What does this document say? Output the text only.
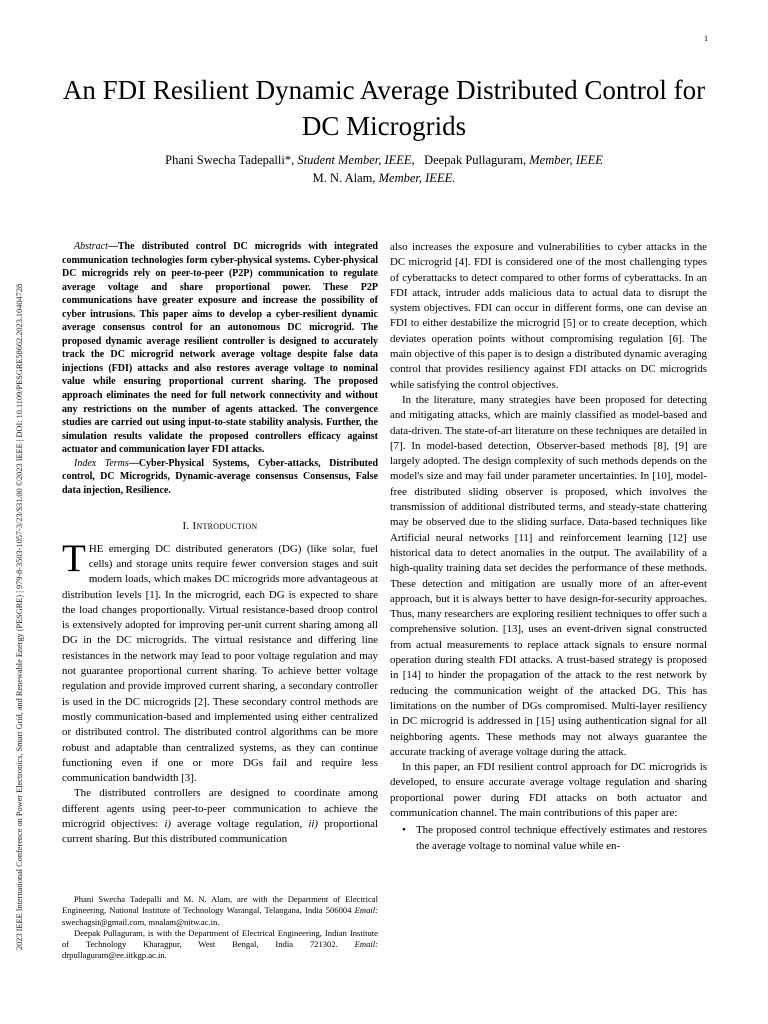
1
2023 IEEE International Conference on Power Electronics, Smart Grid, and Renewable Energy (PESGRE) | 979-8-3503-1057-3/23/$31.00 ©2023 IEEE | DOI: 10.1109/PESGRE58662.2023.10404728
An FDI Resilient Dynamic Average Distributed Control for DC Microgrids
Phani Swecha Tadepalli*, Student Member, IEEE, Deepak Pullaguram, Member, IEEE
M. N. Alam, Member, IEEE.

Abstract—The distributed control DC microgrids with integrated communication technologies form cyber-physical systems. Cyber-physical DC microgrids rely on peer-to-peer (P2P) communication to regulate average voltage and share proportional power. These P2P communications have greater exposure and increase the possibility of cyber intrusions. This paper aims to develop a cyber-resilient dynamic average consensus control for an autonomous DC microgrid. The proposed dynamic average resilient controller is designed to accurately track the DC microgrid network average voltage despite false data injections (FDI) attacks and also restores average voltage to nominal value while ensuring proportional current sharing. The proposed approach eliminates the need for full network connectivity and without any restrictions on the number of agents attacked. The convergence studies are carried out using input-to-state stability analysis. Further, the simulation results validate the proposed controllers efficacy against actuator and communication layer FDI attacks.

Index Terms—Cyber-Physical Systems, Cyber-attacks, Distributed control, DC Microgrids, Dynamic-average consensus Consensus, False data injection, Resilience.

I. Introduction

THE emerging DC distributed generators (DG) (like solar, fuel cells) and storage units require fewer conversion stages and suit modern loads, which makes DC microgrids more advantageous at distribution levels [1]. In the microgrid, each DG is expected to share the load changes proportionally. Virtual resistance-based droop control is extensively adopted for improving per-unit current sharing among all DG in the DC microgrids. The virtual resistance and differing line resistances in the network may lead to poor voltage regulation and may not guarantee proportional current sharing. To achieve better voltage regulation and provide improved current sharing, a secondary controller is used in the DC microgrids [2]. These secondary control methods are mostly communication-based and implemented using either centralized or distributed control. The distributed control algorithms can be more robust and adaptable than centralized systems, as they can continue functioning even if one or more DGs fail and require less communication bandwidth [3].

The distributed controllers are designed to coordinate among different agents using peer-to-peer communication to achieve the microgrid objectives: i) average voltage regulation, ii) proportional current sharing. But this distributed communication

Phani Swecha Tadepalli and M. N. Alam, are with the Department of Electrical Engineering, National Institute of Technology Warangal, Telangana, India 506004 Email: swechagsit@gmail.com, mnalam@nitw.ac.in.

Deepak Pullaguram, is with the Department of Electrical Engineering, Indian Institute of Technology Kharagpur, West Bengal, India 721302. Email: drpullaguram@ee.iitkgp.ac.in.

also increases the exposure and vulnerabilities to cyber attacks in the DC microgrid [4]. FDI is considered one of the most challenging types of cyberattacks to detect compared to other forms of cyberattacks. In an FDI attack, intruder adds malicious data to actual data to disrupt the system objectives. FDI can occur in different forms, one can devise an FDI to either destabilize the microgrid [5] or to create deception, which deviates operation points without compromising regulation [6]. The main objective of this paper is to design a distributed dynamic averaging control that provides resiliency against FDI attacks on DC microgrids while satisfying the control objectives.

In the literature, many strategies have been proposed for detecting and mitigating attacks, which are mainly classified as model-based and data-driven. The state-of-art literature on these techniques are detailed in [7]. In model-based detection, Observer-based methods [8], [9] are largely adopted. The design complexity of such methods depends on the model's size and may fail under parameter uncertainties. In [10], model- free distributed sliding observer is proposed, which involves the transmission of additional distributed terms, and steady-state chattering may be observed due to the sliding surface. Data-based techniques like Artificial neural networks [11] and reinforcement learning [12] use historical data to detect anomalies in the output. The availability of a high-quality training data set decides the performance of these methods. These detection and mitigation are usually more of an after-event approach, but it is always better to have design-for-security approaches. Thus, many researchers are exploring resilient techniques to offer such a comprehensive solution. [13], uses an event-driven signal constructed from actual measurements to replace attack signals to ensure normal operation during stealth FDI attacks. A trust-based strategy is proposed in [14] to hinder the propagation of the attack to the rest network by reducing the communication weight of the attacked DG. This has limitations on the number of DGs compromised. Multi-layer resiliency in DC microgrid is addressed in [15] using authentication signal for all neighboring agents. These methods may not always guarantee the accurate tracking of average voltage during the attack.

In this paper, an FDI resilient control approach for DC microgrids is developed, to ensure accurate average voltage regulation and sharing proportional power during FDI attacks on both actuator and communication channel. The main contributions of this paper are:

• The proposed control technique effectively estimates and restores the average voltage to nominal value while en-
